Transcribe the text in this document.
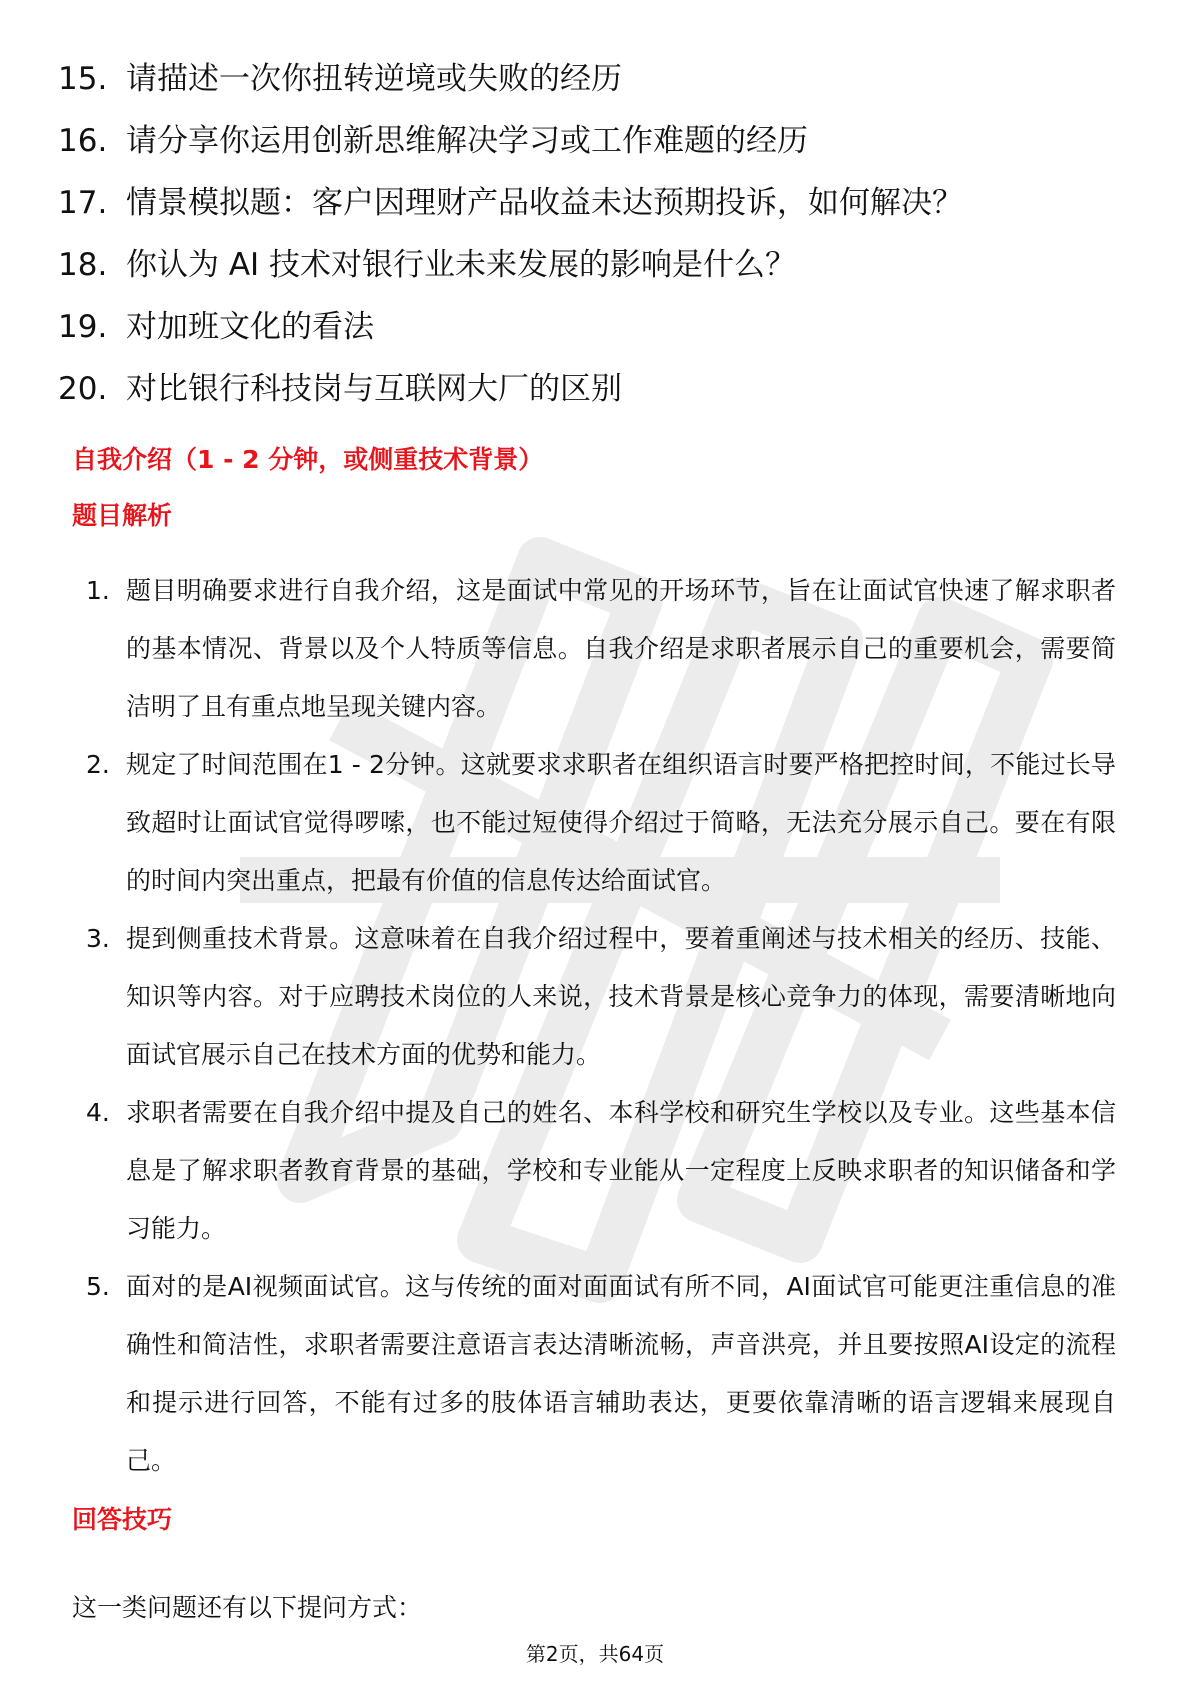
15. 请描述一次你扭转逆境或失败的经历
16. 请分享你运用创新思维解决学习或工作难题的经历
17. 情景模拟题：客户因理财产品收益未达预期投诉，如何解决？
18. 你认为 AI 技术对银行业未来发展的影响是什么？
19. 对加班文化的看法
20. 对比银行科技岗与互联网大厂的区别
自我介绍（1 - 2 分钟，或侧重技术背景）
题目解析
1. 题目明确要求进行自我介绍，这是面试中常见的开场环节，旨在让面试官快速了解求职者的基本情况、背景以及个人特质等信息。自我介绍是求职者展示自己的重要机会，需要简洁明了且有重点地呈现关键内容。
2. 规定了时间范围在1 - 2分钟。这就要求求职者在组织语言时要严格把控时间，不能过长导致超时让面试官觉得啰嗦，也不能过短使得介绍过于简略，无法充分展示自己。要在有限的时间内突出重点，把最有价值的信息传达给面试官。
3. 提到侧重技术背景。这意味着在自我介绍过程中，要着重阐述与技术相关的经历、技能、知识等内容。对于应聘技术岗位的人来说，技术背景是核心竞争力的体现，需要清晰地向面试官展示自己在技术方面的优势和能力。
4. 求职者需要在自我介绍中提及自己的姓名、本科学校和研究生学校以及专业。这些基本信息是了解求职者教育背景的基础，学校和专业能从一定程度上反映求职者的知识储备和学习能力。
5. 面对的是AI视频面试官。这与传统的面对面面试有所不同，AI面试官可能更注重信息的准确性和简洁性，求职者需要注意语言表达清晰流畅，声音洪亮，并且要按照AI设定的流程和提示进行回答，不能有过多的肢体语言辅助表达，更要依靠清晰的语言逻辑来展现自己。
回答技巧
这一类问题还有以下提问方式：
第2页，共64页
